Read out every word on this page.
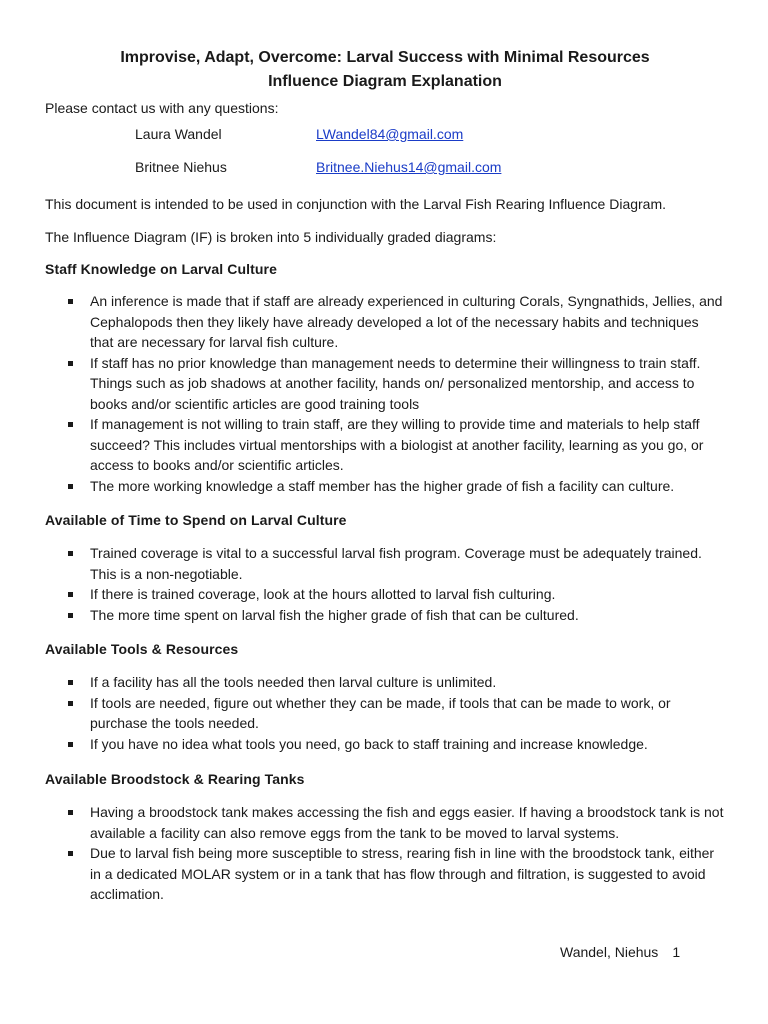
Improvise, Adapt, Overcome: Larval Success with Minimal Resources

Influence Diagram Explanation

Please contact us with any questions:

Laura Wandel	LWandel84@gmail.com
Britnee Niehus	Britnee.Niehus14@gmail.com

This document is intended to be used in conjunction with the Larval Fish Rearing Influence Diagram.

The Influence Diagram (IF) is broken into 5 individually graded diagrams:

Staff Knowledge on Larval Culture
An inference is made that if staff are already experienced in culturing Corals, Syngnathids, Jellies, and Cephalopods then they likely have already developed a lot of the necessary habits and techniques that are necessary for larval fish culture.
If staff has no prior knowledge than management needs to determine their willingness to train staff. Things such as job shadows at another facility, hands on/ personalized mentorship, and access to books and/or scientific articles are good training tools
If management is not willing to train staff, are they willing to provide time and materials to help staff succeed? This includes virtual mentorships with a biologist at another facility, learning as you go, or access to books and/or scientific articles.
The more working knowledge a staff member has the higher grade of fish a facility can culture.
Available of Time to Spend on Larval Culture
Trained coverage is vital to a successful larval fish program. Coverage must be adequately trained. This is a non-negotiable.
If there is trained coverage, look at the hours allotted to larval fish culturing.
The more time spent on larval fish the higher grade of fish that can be cultured.
Available Tools & Resources
If a facility has all the tools needed then larval culture is unlimited.
If tools are needed, figure out whether they can be made, if tools that can be made to work, or purchase the tools needed.
If you have no idea what tools you need, go back to staff training and increase knowledge.
Available Broodstock & Rearing Tanks
Having a broodstock tank makes accessing the fish and eggs easier. If having a broodstock tank is not available a facility can also remove eggs from the tank to be moved to larval systems.
Due to larval fish being more susceptible to stress, rearing fish in line with the broodstock tank, either in a dedicated MOLAR system or in a tank that has flow through and filtration, is suggested to avoid acclimation.
Wandel, Niehus 1
